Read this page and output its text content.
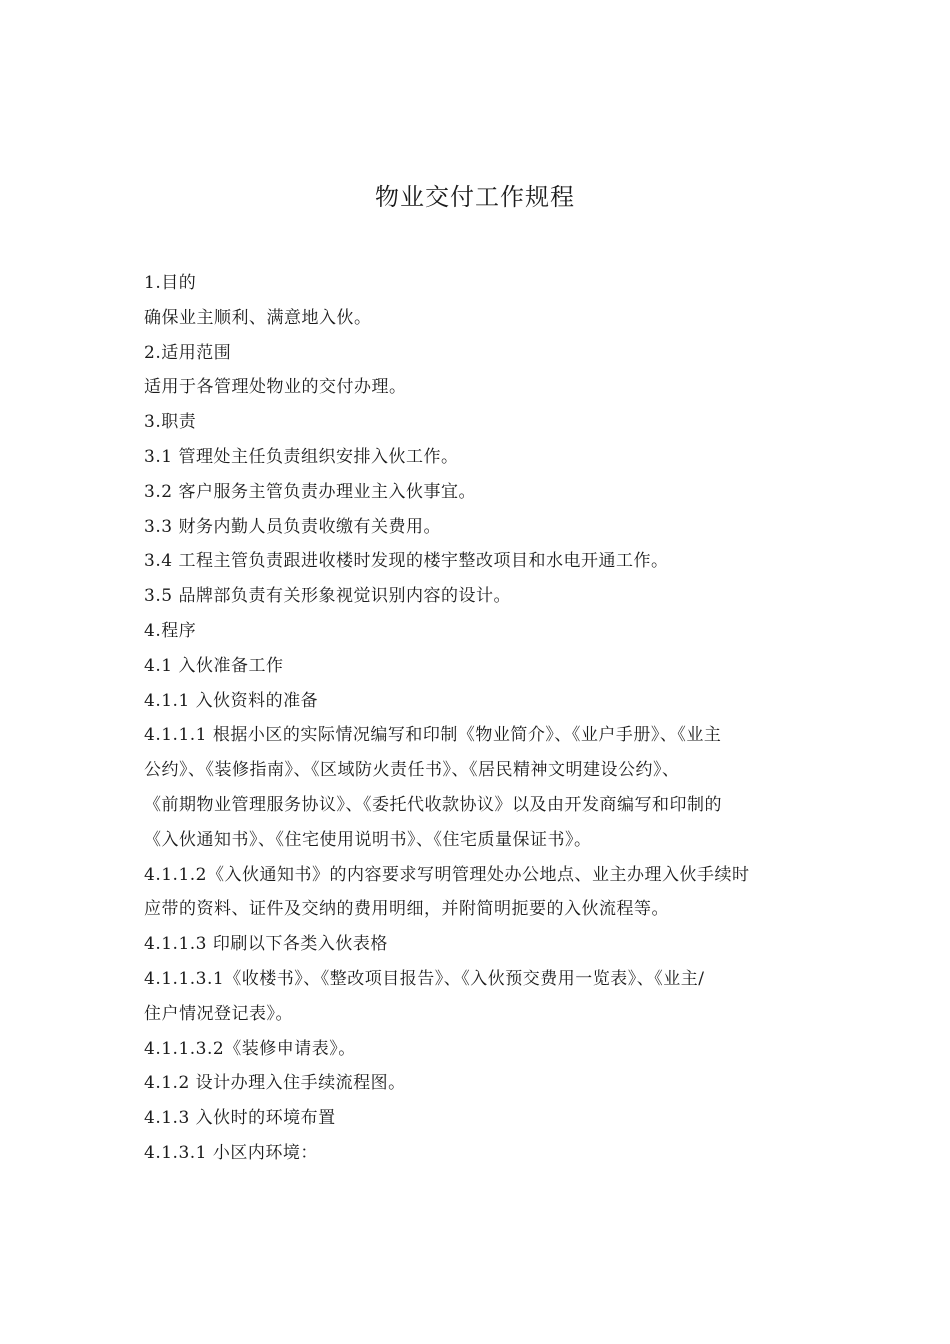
物业交付工作规程

1.目的

确保业主顺利、满意地入伙。

2.适用范围

适用于各管理处物业的交付办理。

3.职责

3.1 管理处主任负责组织安排入伙工作。

3.2 客户服务主管负责办理业主入伙事宜。

3.3 财务内勤人员负责收缴有关费用。

3.4 工程主管负责跟进收楼时发现的楼宇整改项目和水电开通工作。

3.5 品牌部负责有关形象视觉识别内容的设计。

4.程序

4.1 入伙准备工作

4.1.1 入伙资料的准备

4.1.1.1 根据小区的实际情况编写和印制《物业简介》、《业户手册》、《业主

公约》、《装修指南》、《区域防火责任书》、《居民精神文明建设公约》、

《前期物业管理服务协议》、《委托代收款协议》以及由开发商编写和印制的

《入伙通知书》、《住宅使用说明书》、《住宅质量保证书》。

4.1.1.2《入伙通知书》的内容要求写明管理处办公地点、业主办理入伙手续时

应带的资料、证件及交纳的费用明细，并附简明扼要的入伙流程等。

4.1.1.3 印刷以下各类入伙表格

4.1.1.3.1《收楼书》、《整改项目报告》、《入伙预交费用一览表》、《业主/

住户情况登记表》。

4.1.1.3.2《装修申请表》。

4.1.2 设计办理入住手续流程图。

4.1.3 入伙时的环境布置

4.1.3.1 小区内环境：
